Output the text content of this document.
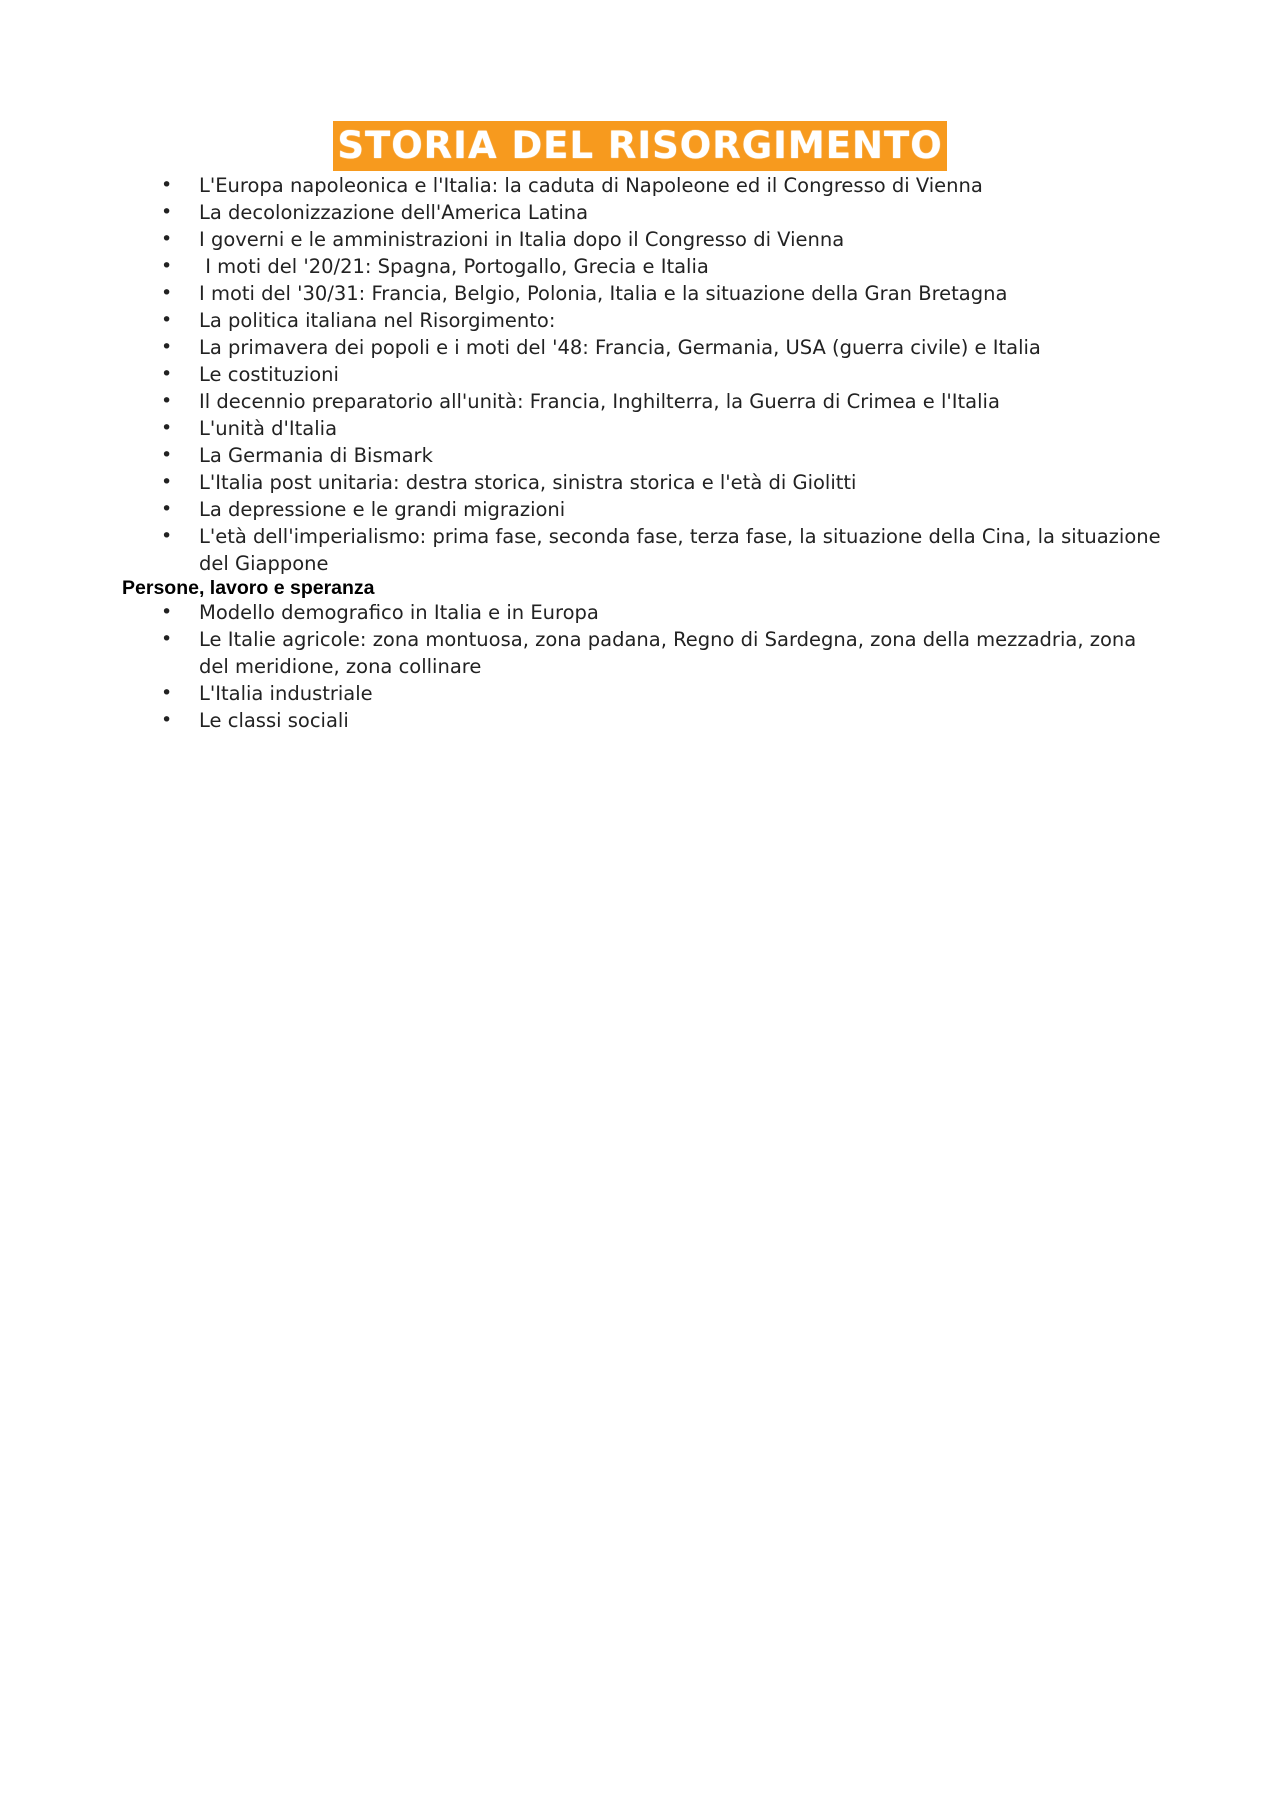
STORIA DEL RISORGIMENTO
• L'Europa napoleonica e l'Italia: la caduta di Napoleone ed il Congresso di Vienna
• La decolonizzazione dell'America Latina
• I governi e le amministrazioni in Italia dopo il Congresso di Vienna
• I moti del '20/21: Spagna, Portogallo, Grecia e Italia
• I moti del '30/31: Francia, Belgio, Polonia, Italia e la situazione della Gran Bretagna
• La politica italiana nel Risorgimento:
• La primavera dei popoli e i moti del '48: Francia, Germania, USA (guerra civile) e Italia
• Le costituzioni
• Il decennio preparatorio all'unità: Francia, Inghilterra, la Guerra di Crimea e l'Italia
• L'unità d'Italia
• La Germania di Bismark
• L'Italia post unitaria: destra storica, sinistra storica e l'età di Giolitti
• La depressione e le grandi migrazioni
• L'età dell'imperialismo: prima fase, seconda fase, terza fase, la situazione della Cina, la situazione del Giappone

Persone, lavoro e speranza

• Modello demografico in Italia e in Europa
• Le Italie agricole: zona montuosa, zona padana, Regno di Sardegna, zona della mezzadria, zona del meridione, zona collinare
• L'Italia industriale
• Le classi sociali
